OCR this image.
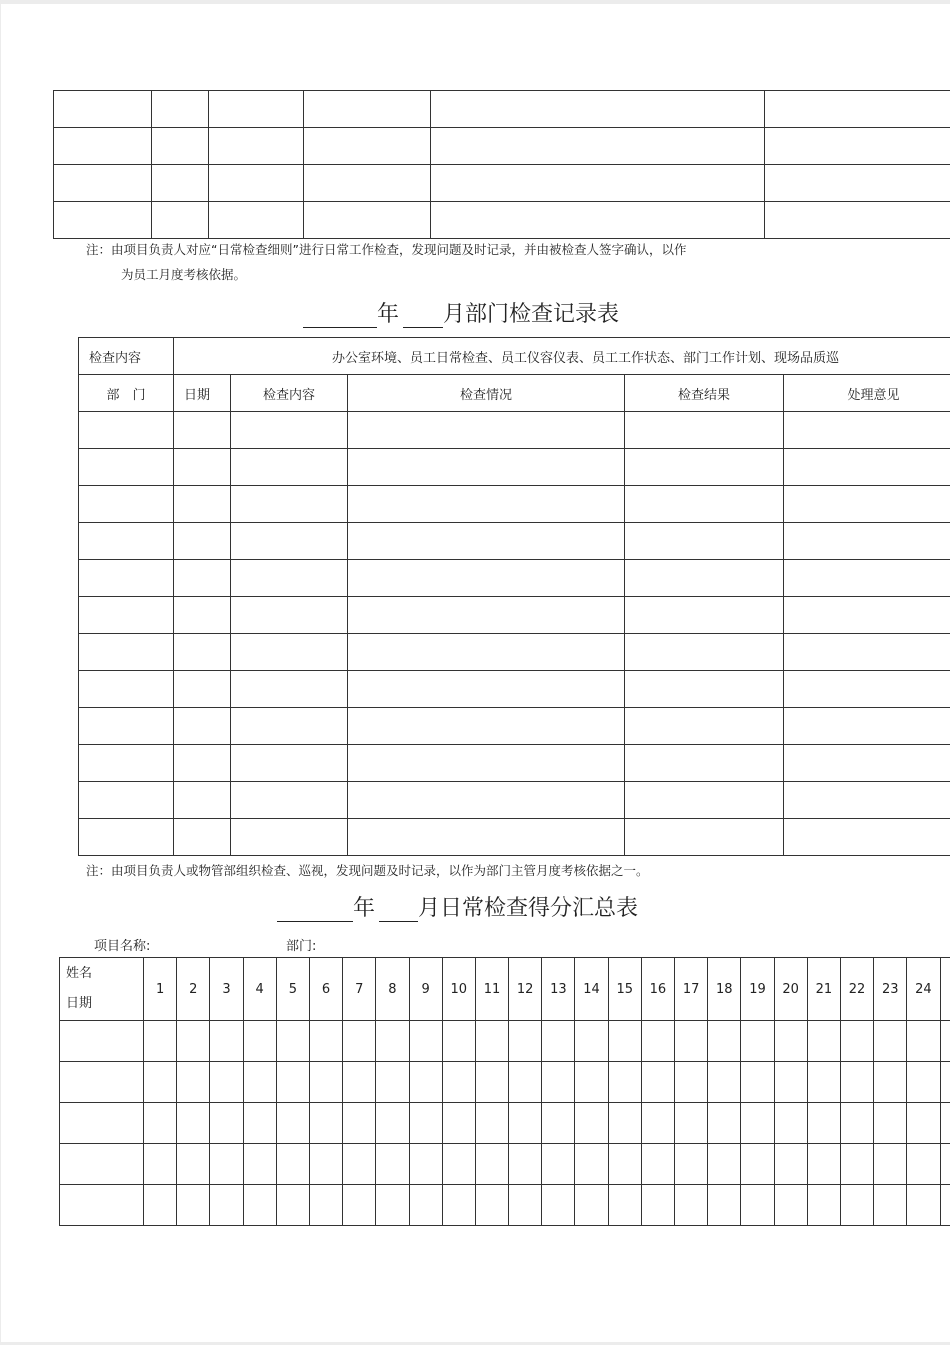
注：由项目负责人对应“日常检查细则”进行日常工作检查，发现问题及时记录，并由被检查人签字确认，以作
为员工月度考核依据。
年 月部门检查记录表
检查内容	办公室环境、员工日常检查、员工仪容仪表、员工工作状态、部门工作计划、现场品质巡				
部　门	日期	检查内容	检查情况	检查结果	处理意见

注：由项目负责人或物管部组织检查、巡视，发现问题及时记录，以作为部门主管月度考核依据之一。
年 月日常检查得分汇总表
项目名称:	部门:
姓名
日期	1	2	3	4	5	6	7	8	9	10	11	12	13	14	15	16	17	18	19	20	21	22	23	24	
